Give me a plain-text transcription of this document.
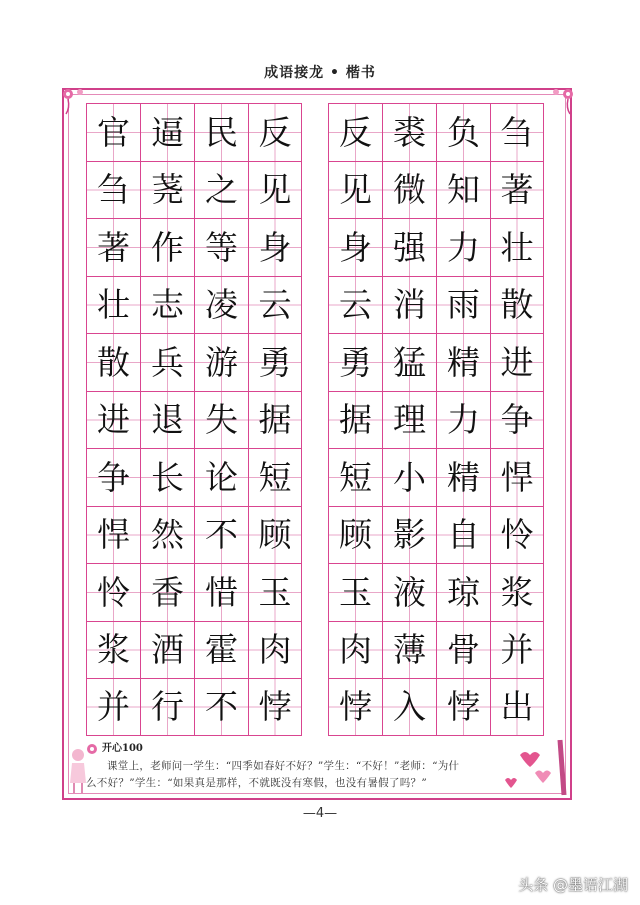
成语接龙 • 楷书
官 逼 民 反 反 裘 负 刍
刍 荛 之 见 见 微 知 著
著 作 等 身 身 强 力 壮
壮 志 凌 云 云 消 雨 散
散 兵 游 勇 勇 猛 精 进
进 退 失 据 据 理 力 争
争 长 论 短 短 小 精 悍
悍 然 不 顾 顾 影 自 怜
怜 香 惜 玉 玉 液 琼 浆
浆 酒 霍 肉 肉 薄 骨 并
并 行 不 悖 悖 入 悖 出
开心100
课堂上，老师问一学生：“四季如春好不好？”学生：“不好！”老师：“为什
么不好？”学生：“如果真是那样，不就既没有寒假，也没有暑假了吗？”
—4—
头条 @墨语江湖
